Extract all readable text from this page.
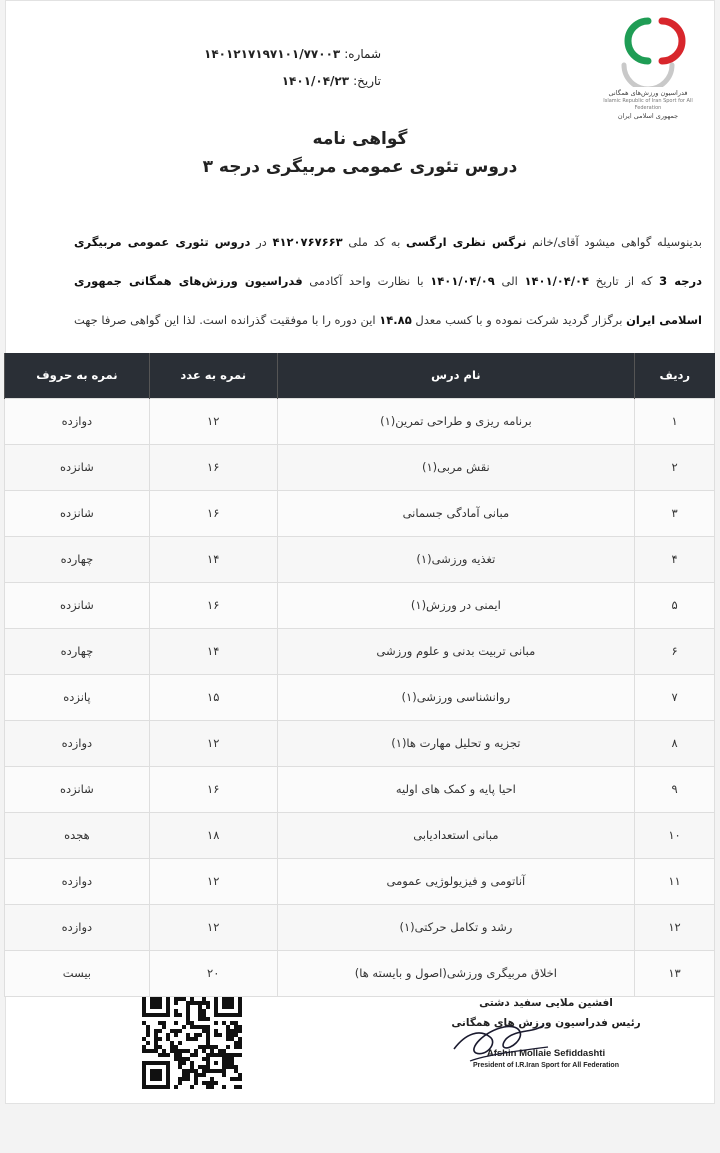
فدراسیون ورزش‌های همگانی
Islamic Republic of Iran Sport for All Federation
جمهوری اسلامی ایران
شماره:
۱۴۰۱۲۱۷۱۹۷۱۰۱/۷۷۰۰۳
تاریخ:
۱۴۰۱/۰۴/۲۳
گواهی نامه
دروس تئوری عمومی مربیگری درجه ۳
بدینوسیله گواهی میشود آقای/خانم نرگس نظری ارگسی به کد ملی ۴۱۲۰۷۶۷۶۶۳ در دروس تئوری عمومی مربیگری درجه 3 که از تاریخ ۱۴۰۱/۰۴/۰۴ الی ۱۴۰۱/۰۴/۰۹ با نظارت واحد آکادمی فدراسیون ورزش‌های همگانی جمهوری اسلامی ایران برگزار گردید شرکت نموده و با کسب معدل ۱۴.۸۵ این دوره را با موفقیت گذرانده است. لذا این گواهی صرفا جهت
افشین ملایی سفید دشتی
رئیس فدراسیون ورزش های همگانی
Afshin Mollaie Sefiddashti
President of I.R.Iran Sport for All Federation
ردیف	نام درس	نمره به عدد	نمره به حروف
۱	برنامه ریزی و طراحی تمرین(۱)	۱۲	دوازده
۲	نقش مربی(۱)	۱۶	شانزده
۳	مبانی آمادگی جسمانی	۱۶	شانزده
۴	تغذیه ورزشی(۱)	۱۴	چهارده
۵	ایمنی در ورزش(۱)	۱۶	شانزده
۶	مبانی تربیت بدنی و علوم ورزشی	۱۴	چهارده
۷	روانشناسی ورزشی(۱)	۱۵	پانزده
۸	تجزیه و تحلیل مهارت ها(۱)	۱۲	دوازده
۹	احیا پایه و کمک های اولیه	۱۶	شانزده
۱۰	مبانی استعدادیابی	۱۸	هجده
۱۱	آناتومی و فیزیولوژیی عمومی	۱۲	دوازده
۱۲	رشد و تکامل حرکتی(۱)	۱۲	دوازده
۱۳	اخلاق مربیگری ورزشی(اصول و بایسته ها)	۲۰	بیست
